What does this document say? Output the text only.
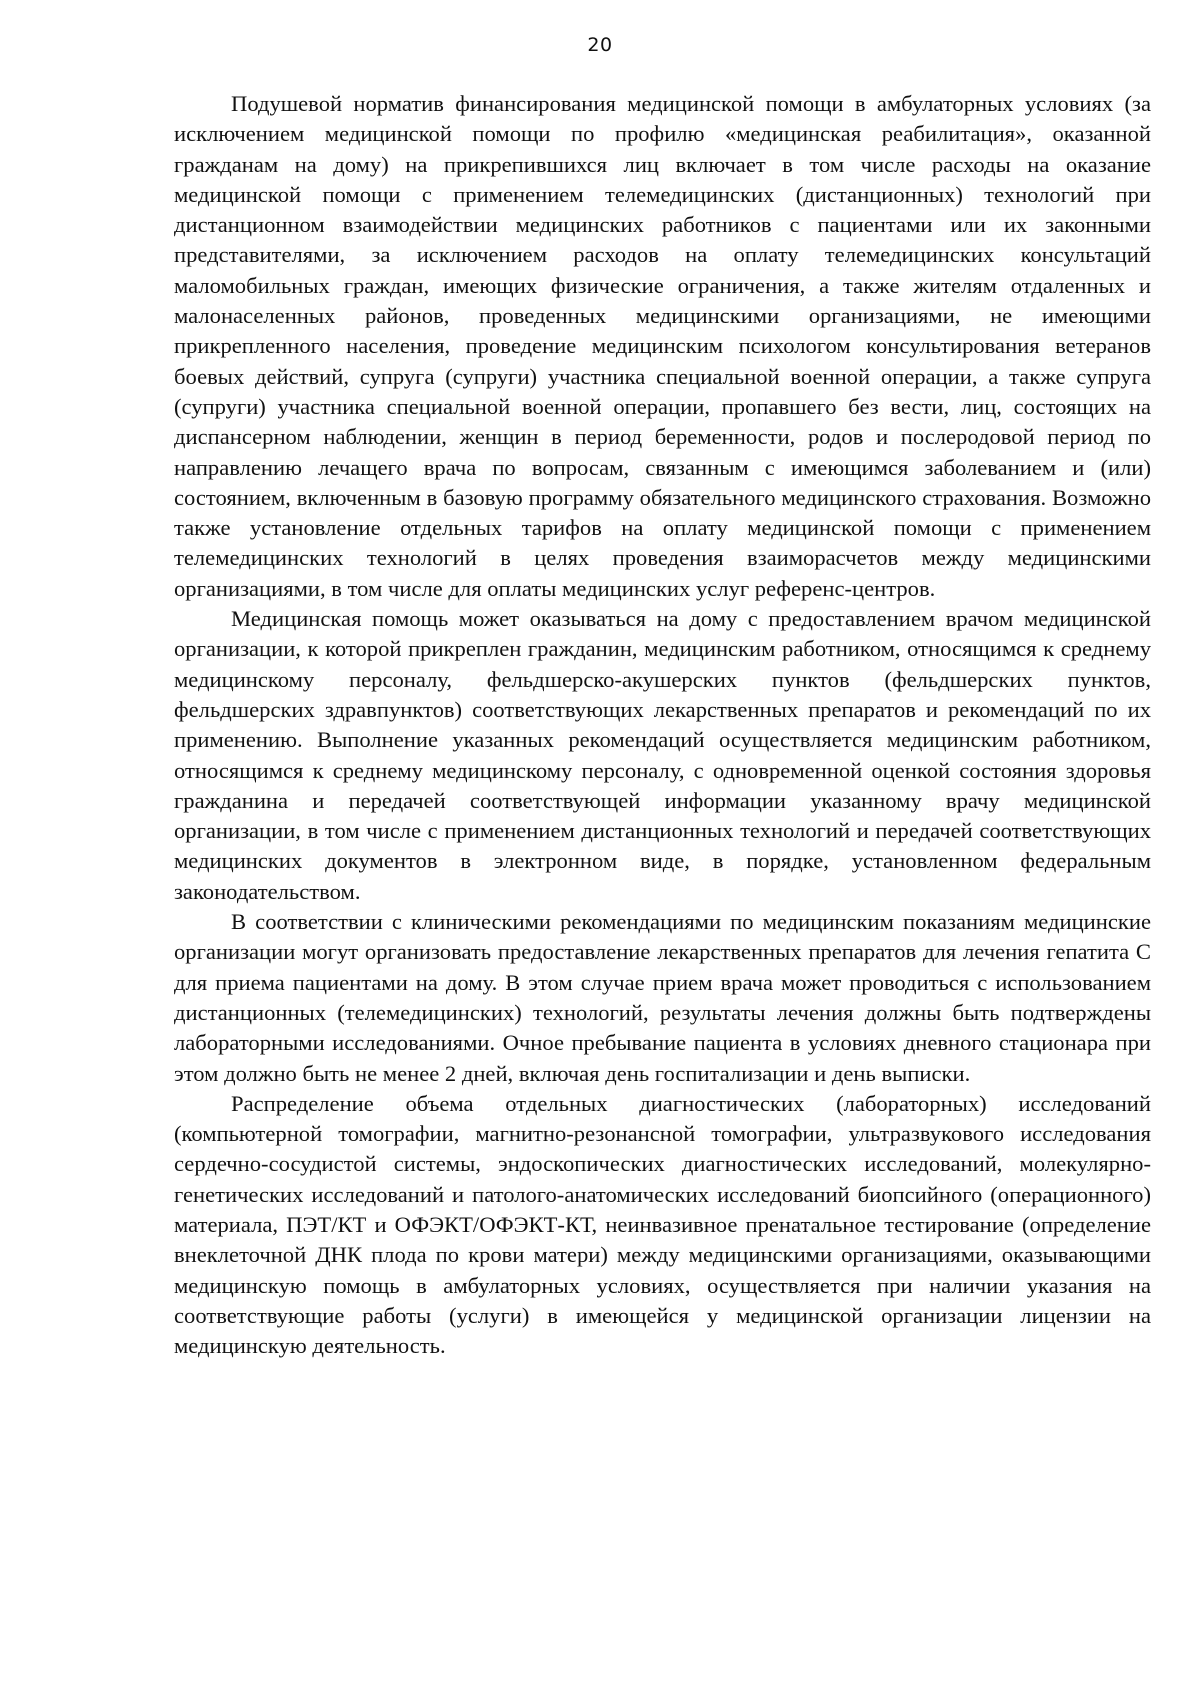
20

Подушевой норматив финансирования медицинской помощи в амбулаторных условиях (за исключением медицинской помощи по профилю «медицинская реабилитация», оказанной гражданам на дому) на прикрепившихся лиц включает в том числе расходы на оказание медицинской помощи с применением телемедицинских (дистанционных) технологий при дистанционном взаимодействии медицинских работников с пациентами или их законными представителями, за исключением расходов на оплату телемедицинских консультаций маломобильных граждан, имеющих физические ограничения, а также жителям отдаленных и малонаселенных районов, проведенных медицинскими организациями, не имеющими прикрепленного населения, проведение медицинским психологом консультирования ветеранов боевых действий, супруга (супруги) участника специальной военной операции, а также супруга (супруги) участника специальной военной операции, пропавшего без вести, лиц, состоящих на диспансерном наблюдении, женщин в период беременности, родов и послеродовой период по направлению лечащего врача по вопросам, связанным с имеющимся заболеванием и (или) состоянием, включенным в базовую программу обязательного медицинского страхования. Возможно также установление отдельных тарифов на оплату медицинской помощи с применением телемедицинских технологий в целях проведения взаиморасчетов между медицинскими организациями, в том числе для оплаты медицинских услуг референс-центров.

Медицинская помощь может оказываться на дому с предоставлением врачом медицинской организации, к которой прикреплен гражданин, медицинским работником, относящимся к среднему медицинскому персоналу, фельдшерско-акушерских пунктов (фельдшерских пунктов, фельдшерских здравпунктов) соответствующих лекарственных препаратов и рекомендаций по их применению. Выполнение указанных рекомендаций осуществляется медицинским работником, относящимся к среднему медицинскому персоналу, с одновременной оценкой состояния здоровья гражданина и передачей соответствующей информации указанному врачу медицинской организации, в том числе с применением дистанционных технологий и передачей соответствующих медицинских документов в электронном виде, в порядке, установленном федеральным законодательством.

В соответствии с клиническими рекомендациями по медицинским показаниям медицинские организации могут организовать предоставление лекарственных препаратов для лечения гепатита С для приема пациентами на дому. В этом случае прием врача может проводиться с использованием дистанционных (телемедицинских) технологий, результаты лечения должны быть подтверждены лабораторными исследованиями. Очное пребывание пациента в условиях дневного стационара при этом должно быть не менее 2 дней, включая день госпитализации и день выписки.

Распределение объема отдельных диагностических (лабораторных) исследований (компьютерной томографии, магнитно-резонансной томографии, ультразвукового исследования сердечно-сосудистой системы, эндоскопических диагностических исследований, молекулярно-генетических исследований и патолого-анатомических исследований биопсийного (операционного) материала, ПЭТ/КТ и ОФЭКТ/ОФЭКТ-КТ, неинвазивное пренатальное тестирование (определение внеклеточной ДНК плода по крови матери) между медицинскими организациями, оказывающими медицинскую помощь в амбулаторных условиях, осуществляется при наличии указания на соответствующие работы (услуги) в имеющейся у медицинской организации лицензии на медицинскую деятельность.
